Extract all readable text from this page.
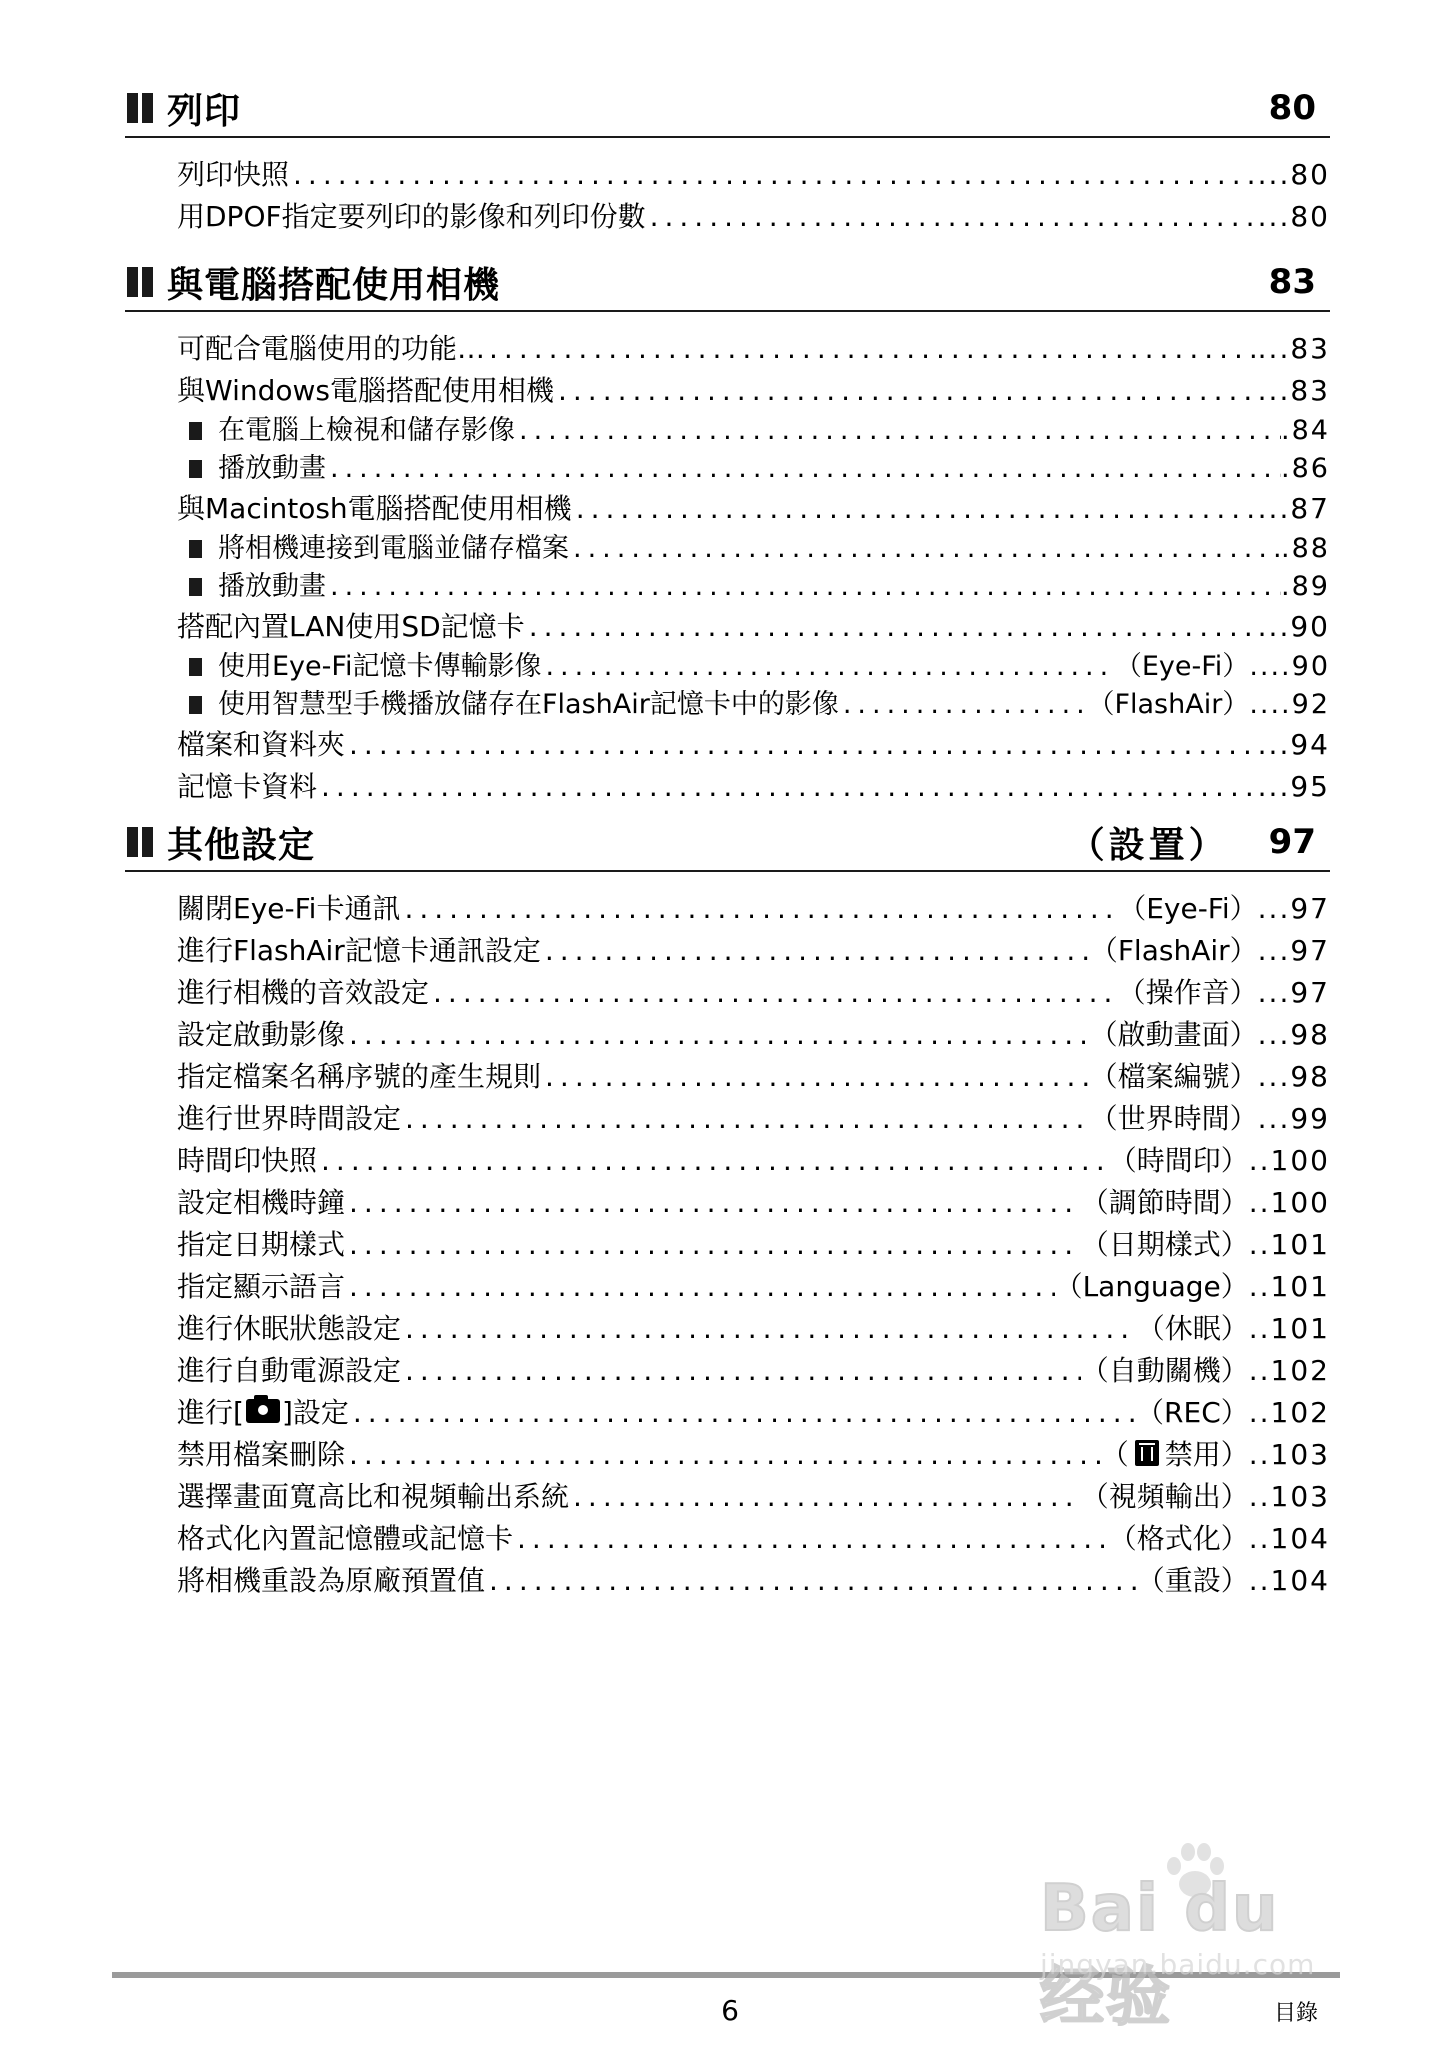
列印	80
列印快照 .....	...80
用DPOF指定要列印的影像和列印份數 .....	...80
與電腦搭配使用相機	83
可配合電腦使用的功能… .....	...83
與Windows電腦搭配使用相機 .....	...83
在電腦上檢視和儲存影像 .....	.84
播放動畫 .....	.86
與Macintosh電腦搭配使用相機 .....	...87
將相機連接到電腦並儲存檔案 .....	.88
播放動畫 .....	.89
搭配內置LAN使用SD記憶卡 .....	...90
使用Eye-Fi記憶卡傳輸影像 .....	（Eye-Fi） ....90
使用智慧型手機播放儲存在FlashAir記憶卡中的影像 .....	（FlashAir） ....92
檔案和資料夾 .....	...94
記憶卡資料 .....	...95
其他設定	（設置） 97
關閉Eye-Fi卡通訊 .....	（Eye-Fi） ...97
進行FlashAir記憶卡通訊設定 .....	（FlashAir） ...97
進行相機的音效設定 .....	（操作音） ...97
設定啟動影像 .....	（啟動畫面） ...98
指定檔案名稱序號的產生規則 .....	（檔案編號） ...98
進行世界時間設定 .....	（世界時間） ...99
時間印快照 .....	（時間印） ..100
設定相機時鐘 .....	（調節時間） ..100
指定日期樣式 .....	（日期樣式） ..101
指定顯示語言 .....	（Language） ..101
進行休眠狀態設定 .....	（休眠） ..101
進行自動電源設定 .....	（自動關機） ..102
進行[ ]設定 .....	（REC） ..102
禁用檔案刪除 .....	（ 禁用） ..103
選擇畫面寬高比和視頻輸出系統 .....	（視頻輸出） ..103
格式化內置記憶體或記憶卡 .....	（格式化） ..104
將相機重設為原廠預置值 .....	（重設） ..104
6	目錄
Bai du 经验
jingyan.baidu.com
